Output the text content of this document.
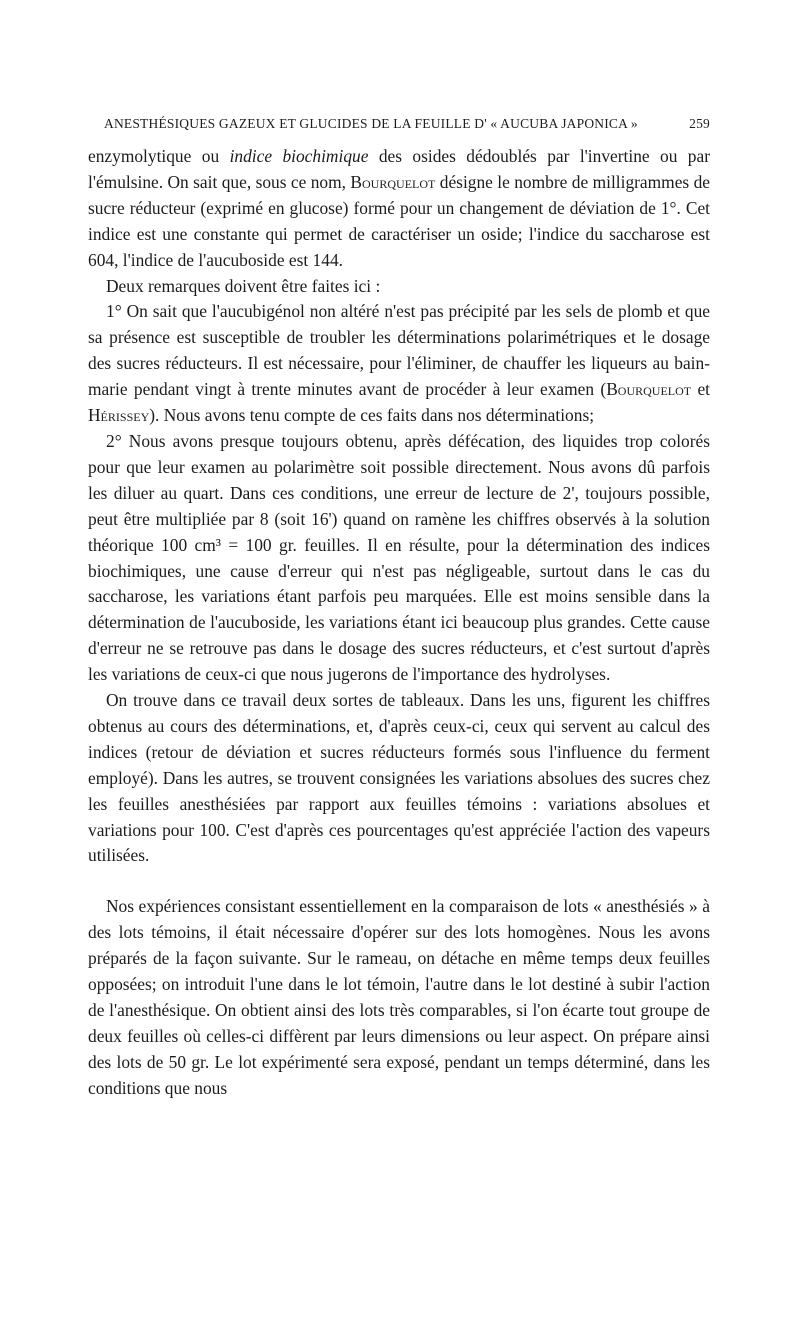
ANESTHÉSIQUES GAZEUX ET GLUCIDES DE LA FEUILLE D' « AUCUBA JAPONICA »	259

enzymolytique ou indice biochimique des osides dédoublés par l'invertine ou par l'émulsine. On sait que, sous ce nom, Bourquelot désigne le nombre de milligrammes de sucre réducteur (exprimé en glucose) formé pour un changement de déviation de 1°. Cet indice est une constante qui permet de caractériser un oside; l'indice du saccharose est 604, l'indice de l'aucuboside est 144.

Deux remarques doivent être faites ici :

1° On sait que l'aucubigénol non altéré n'est pas précipité par les sels de plomb et que sa présence est susceptible de troubler les déterminations polarimétriques et le dosage des sucres réducteurs. Il est nécessaire, pour l'éliminer, de chauffer les liqueurs au bain-marie pendant vingt à trente minutes avant de procéder à leur examen (Bourquelot et Hérissey). Nous avons tenu compte de ces faits dans nos déterminations;

2° Nous avons presque toujours obtenu, après défécation, des liquides trop colorés pour que leur examen au polarimètre soit possible directement. Nous avons dû parfois les diluer au quart. Dans ces conditions, une erreur de lecture de 2', toujours possible, peut être multipliée par 8 (soit 16') quand on ramène les chiffres observés à la solution théorique 100 cm³ = 100 gr. feuilles. Il en résulte, pour la détermination des indices biochimiques, une cause d'erreur qui n'est pas négligeable, surtout dans le cas du saccharose, les variations étant parfois peu marquées. Elle est moins sensible dans la détermination de l'aucuboside, les variations étant ici beaucoup plus grandes. Cette cause d'erreur ne se retrouve pas dans le dosage des sucres réducteurs, et c'est surtout d'après les variations de ceux-ci que nous jugerons de l'importance des hydrolyses.

On trouve dans ce travail deux sortes de tableaux. Dans les uns, figurent les chiffres obtenus au cours des déterminations, et, d'après ceux-ci, ceux qui servent au calcul des indices (retour de déviation et sucres réducteurs formés sous l'influence du ferment employé). Dans les autres, se trouvent consignées les variations absolues des sucres chez les feuilles anesthésiées par rapport aux feuilles témoins : variations absolues et variations pour 100. C'est d'après ces pourcentages qu'est appréciée l'action des vapeurs utilisées.

Nos expériences consistant essentiellement en la comparaison de lots « anesthésiés » à des lots témoins, il était nécessaire d'opérer sur des lots homogènes. Nous les avons préparés de la façon suivante. Sur le rameau, on détache en même temps deux feuilles opposées; on introduit l'une dans le lot témoin, l'autre dans le lot destiné à subir l'action de l'anesthésique. On obtient ainsi des lots très comparables, si l'on écarte tout groupe de deux feuilles où celles-ci diffèrent par leurs dimensions ou leur aspect. On prépare ainsi des lots de 50 gr. Le lot expérimenté sera exposé, pendant un temps déterminé, dans les conditions que nous
